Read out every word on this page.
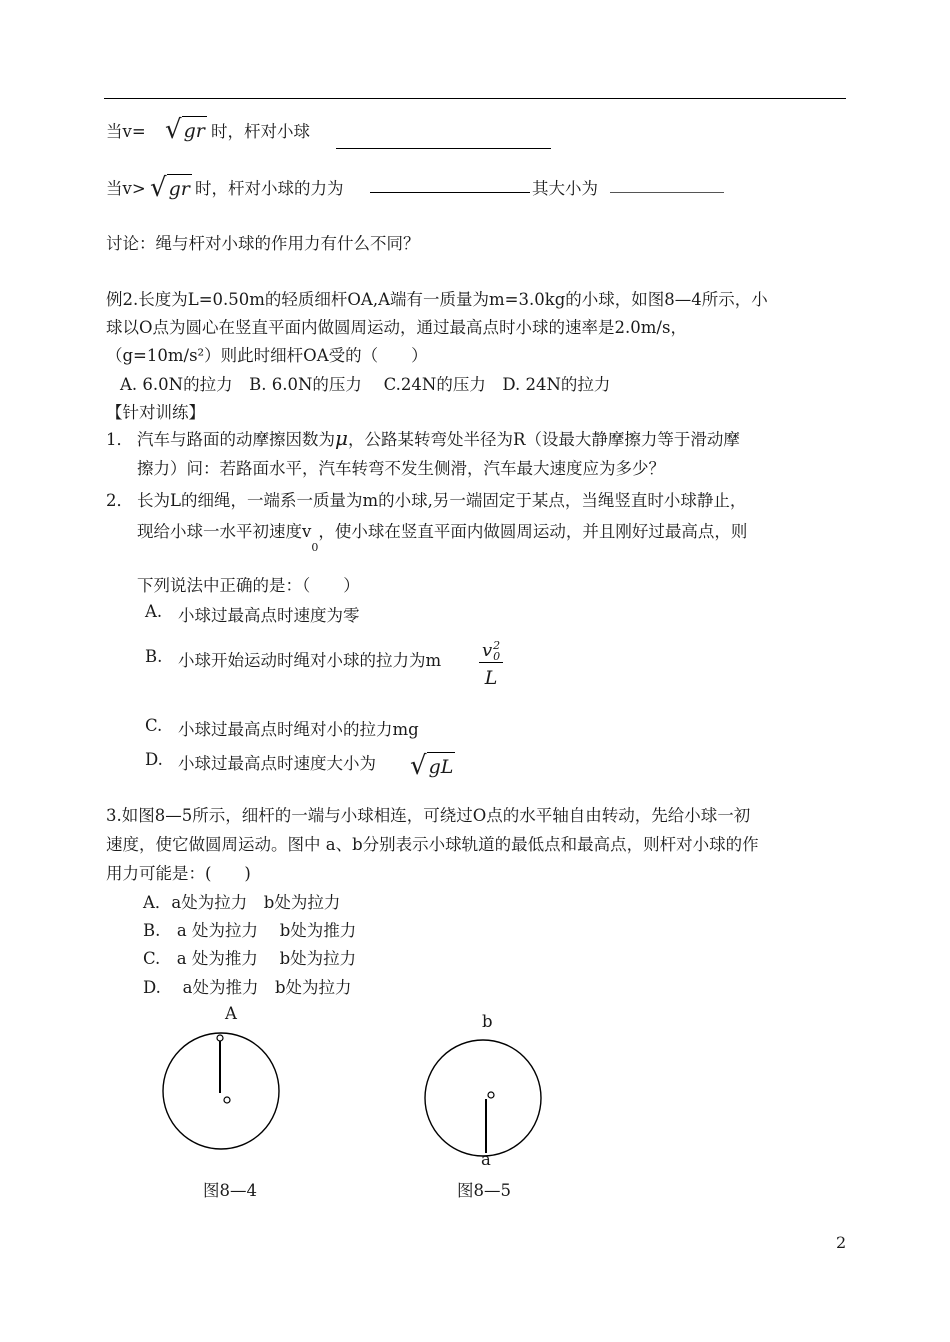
当v= √ gr 时，杆对小球
当v> √ gr 时，杆对小球的力为	其大小为
讨论：绳与杆对小球的作用力有什么不同？
例2.长度为L=0.50m的轻质细杆OA,A端有一质量为m=3.0kg的小球，如图8—4所示，小
球以O点为圆心在竖直平面内做圆周运动，通过最高点时小球的速率是2.0m/s，
（g=10m/s²）则此时细杆OA受的（　　）
A. 6.0N的拉力　B. 6.0N的压力　 C.24N的压力　D. 24N的拉力
【针对训练】
1． 汽车与路面的动摩擦因数为μ，公路某转弯处半径为R（设最大静摩擦力等于滑动摩
擦力）问：若路面水平，汽车转弯不发生侧滑，汽车最大速度应为多少？
2． 长为L的细绳，一端系一质量为m的小球,另一端固定于某点，当绳竖直时小球静止，
现给小球一水平初速度$v_0$，使小球在竖直平面内做圆周运动，并且刚好过最高点，则
下列说法中正确的是：（　　）
A. 小球过最高点时速度为零
B. 小球开始运动时绳对小球的拉力为m v 2
0
L
C. 小球过最高点时绳对小的拉力mg
D. 小球过最高点时速度大小为 √ gL
3.如图8—5所示，细杆的一端与小球相连，可绕过O点的水平轴自由转动，先给小球一初
速度，使它做圆周运动。图中 a、b分别表示小球轨道的最低点和最高点，则杆对小球的作
用力可能是：(　　)
A．a处为拉力　b处为拉力
B.　a 处为拉力　 b处为推力
C.　a 处为推力　 b处为拉力
D.　 a处为推力　b处为拉力
A
图8—4
b
a
图8—5
2
